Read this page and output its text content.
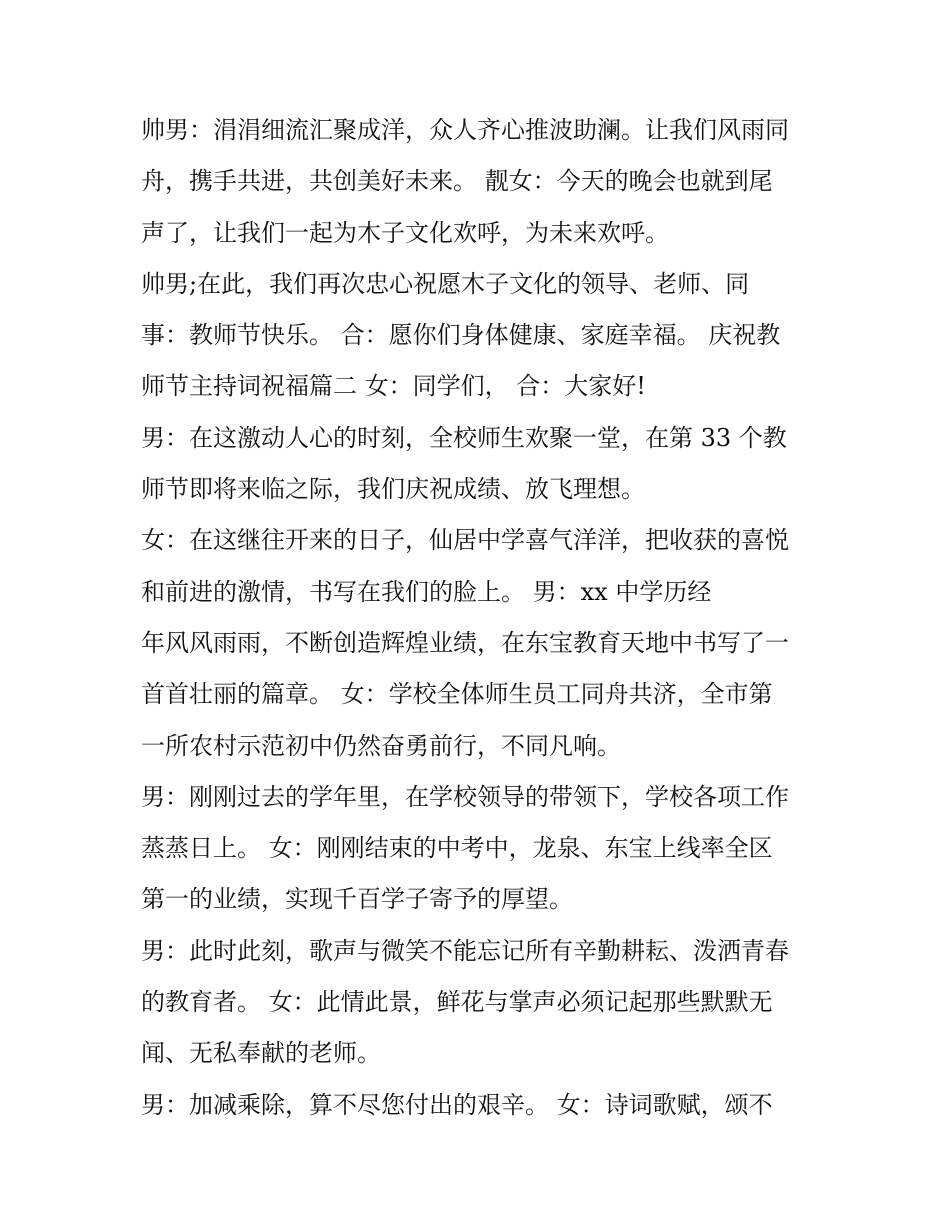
帅男：涓涓细流汇聚成洋，众人齐心推波助澜。让我们风雨同
舟，携手共进，共创美好未来。 靓女：今天的晚会也就到尾
声了，让我们一起为木子文化欢呼，为未来欢呼。
帅男;在此，我们再次忠心祝愿木子文化的领导、老师、同
事：教师节快乐。 合：愿你们身体健康、家庭幸福。 庆祝教
师节主持词祝福篇二 女：同学们， 合：大家好!
男：在这激动人心的时刻，全校师生欢聚一堂，在第 33 个教
师节即将来临之际，我们庆祝成绩、放飞理想。
女：在这继往开来的日子，仙居中学喜气洋洋，把收获的喜悦
和前进的激情，书写在我们的脸上。 男：xx 中学历经
年风风雨雨，不断创造辉煌业绩，在东宝教育天地中书写了一
首首壮丽的篇章。 女：学校全体师生员工同舟共济，全市第
一所农村示范初中仍然奋勇前行，不同凡响。
男：刚刚过去的学年里，在学校领导的带领下，学校各项工作
蒸蒸日上。 女：刚刚结束的中考中，龙泉、东宝上线率全区
第一的业绩，实现千百学子寄予的厚望。
男：此时此刻，歌声与微笑不能忘记所有辛勤耕耘、泼洒青春
的教育者。 女：此情此景，鲜花与掌声必须记起那些默默无
闻、无私奉献的老师。
男：加减乘除，算不尽您付出的艰辛。 女：诗词歌赋，颂不
